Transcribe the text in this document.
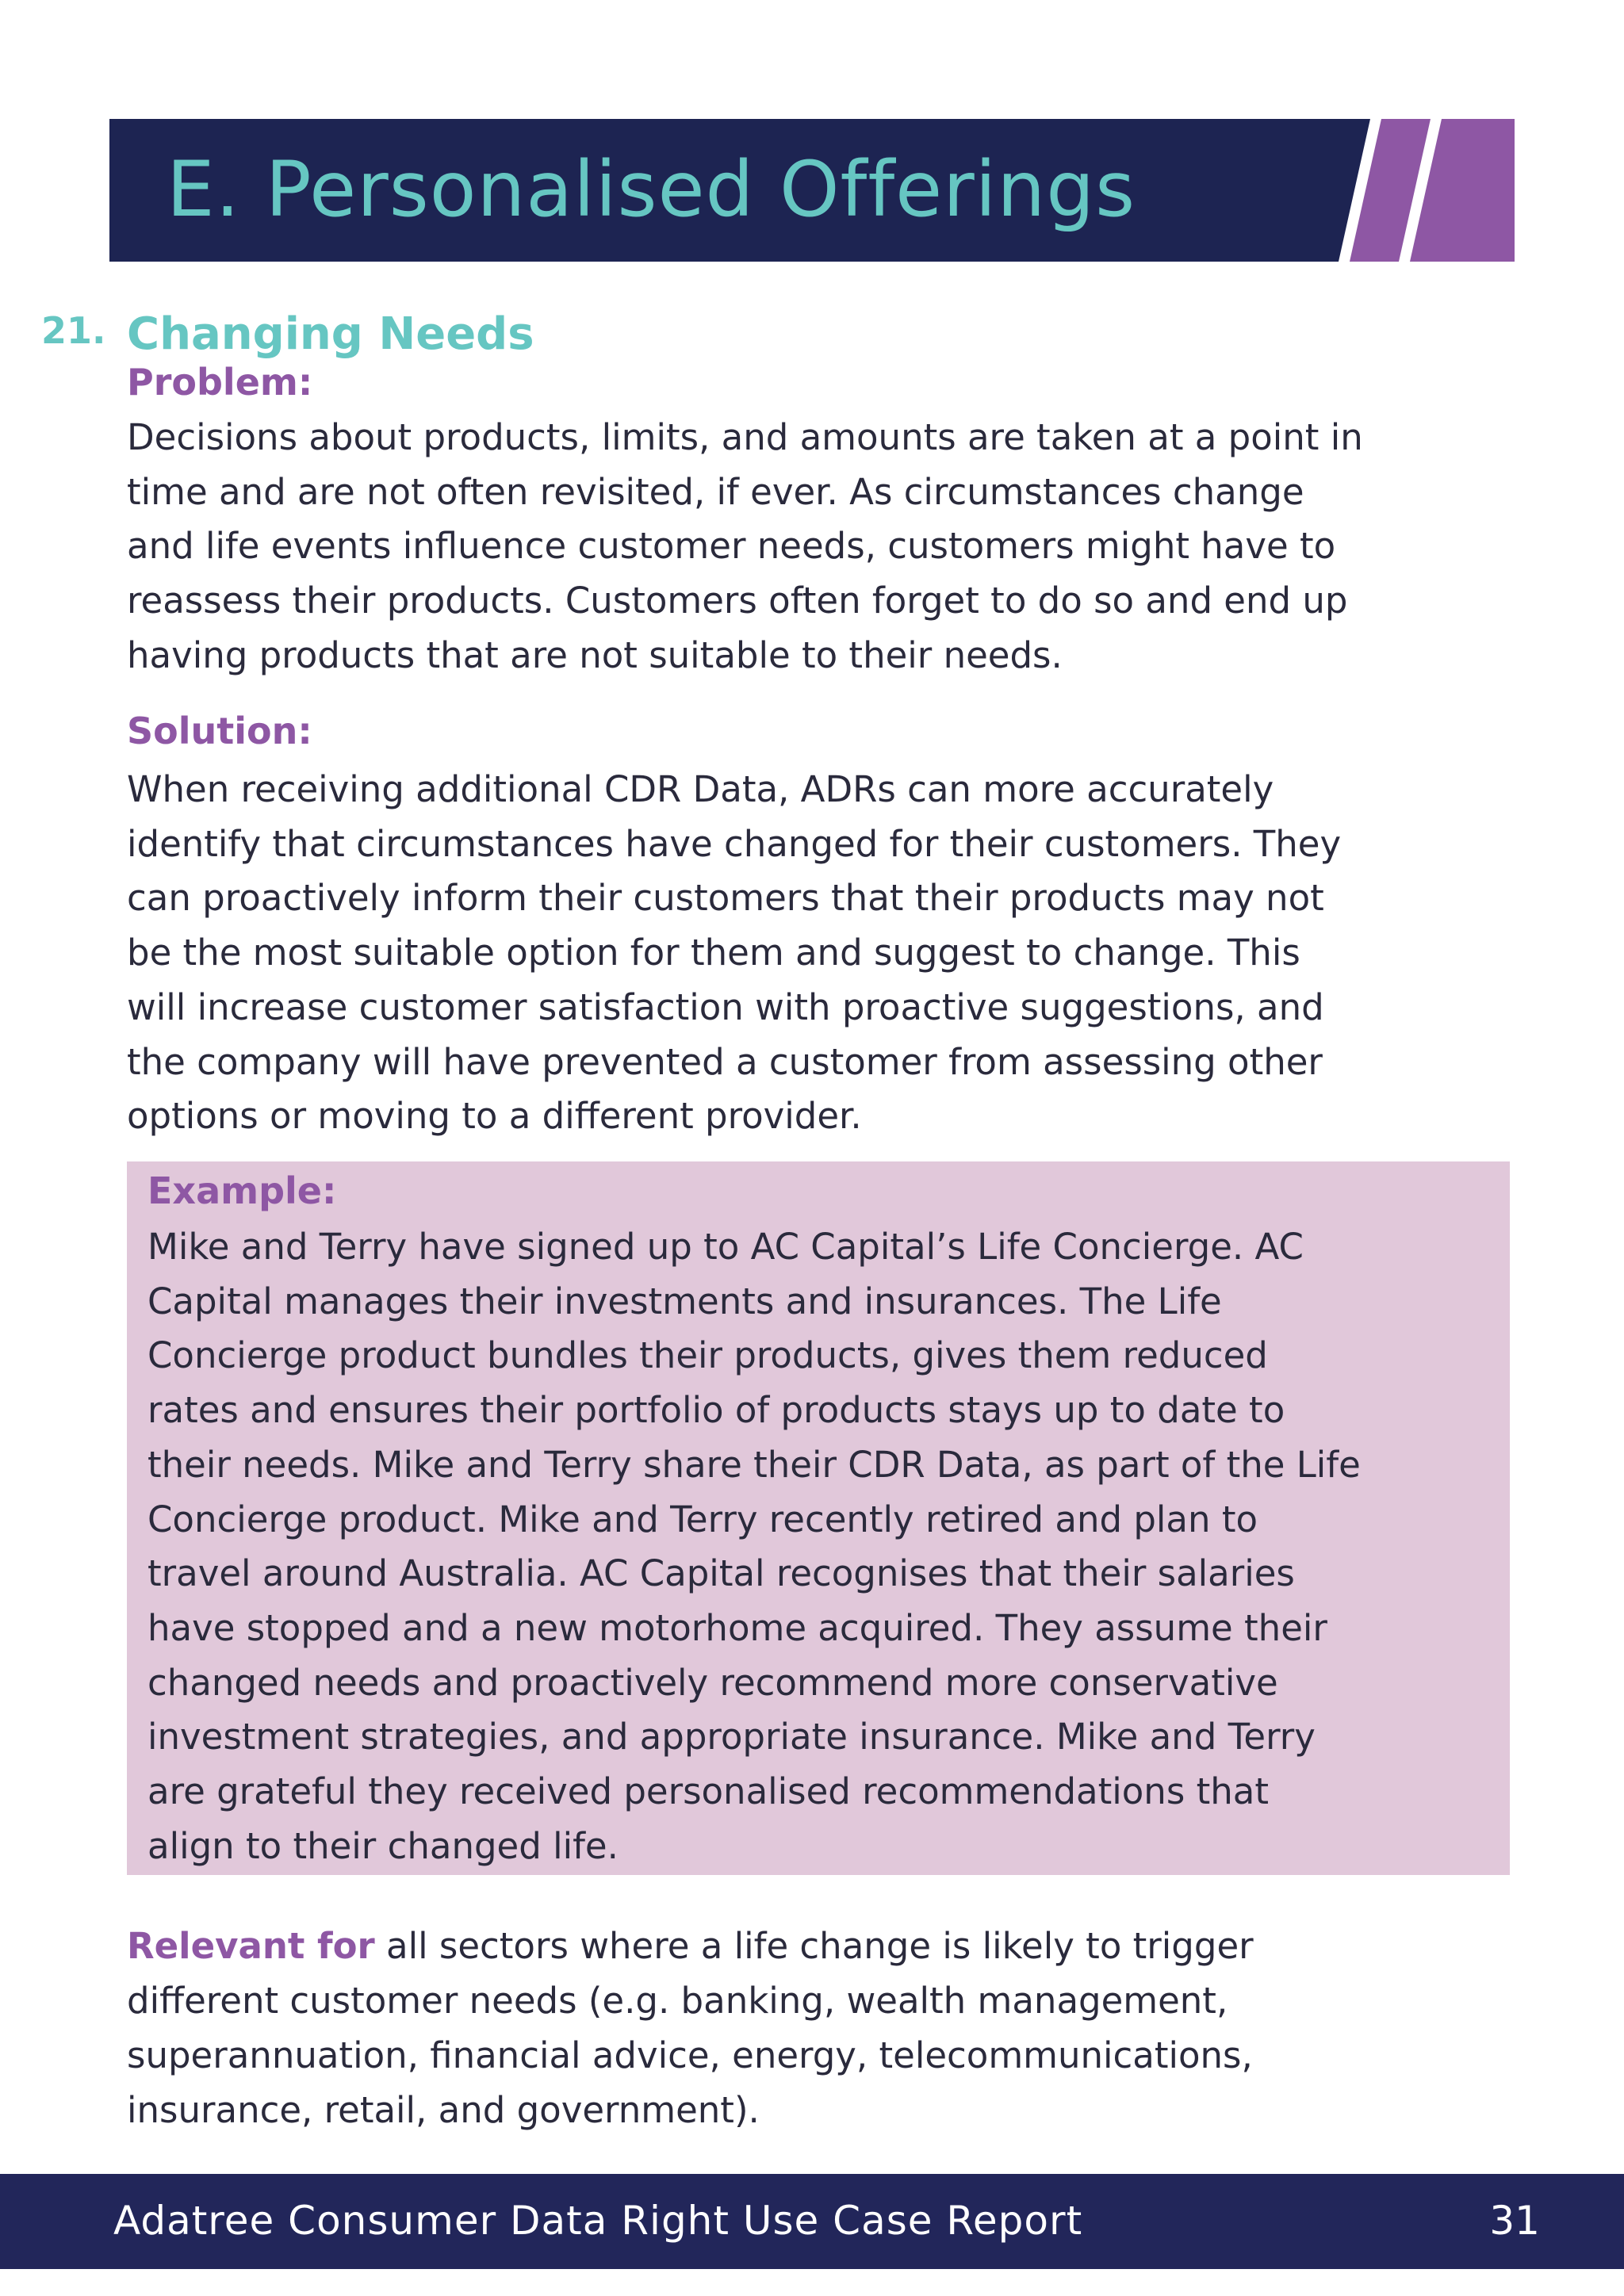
E. Personalised Offerings
21. Changing Needs
Problem:
Decisions about products, limits, and amounts are taken at a point in
time and are not often revisited, if ever. As circumstances change
and life events influence customer needs, customers might have to
reassess their products. Customers often forget to do so and end up
having products that are not suitable to their needs.
Solution:
When receiving additional CDR Data, ADRs can more accurately
identify that circumstances have changed for their customers. They
can proactively inform their customers that their products may not
be the most suitable option for them and suggest to change. This
will increase customer satisfaction with proactive suggestions, and
the company will have prevented a customer from assessing other
options or moving to a different provider.
Example:
Mike and Terry have signed up to AC Capital’s Life Concierge. AC
Capital manages their investments and insurances. The Life
Concierge product bundles their products, gives them reduced
rates and ensures their portfolio of products stays up to date to
their needs. Mike and Terry share their CDR Data, as part of the Life
Concierge product. Mike and Terry recently retired and plan to
travel around Australia. AC Capital recognises that their salaries
have stopped and a new motorhome acquired. They assume their
changed needs and proactively recommend more conservative
investment strategies, and appropriate insurance. Mike and Terry
are grateful they received personalised recommendations that
align to their changed life.
Relevant for all sectors where a life change is likely to trigger
different customer needs (e.g. banking, wealth management,
superannuation, financial advice, energy, telecommunications,
insurance, retail, and government).
Adatree Consumer Data Right Use Case Report	31
